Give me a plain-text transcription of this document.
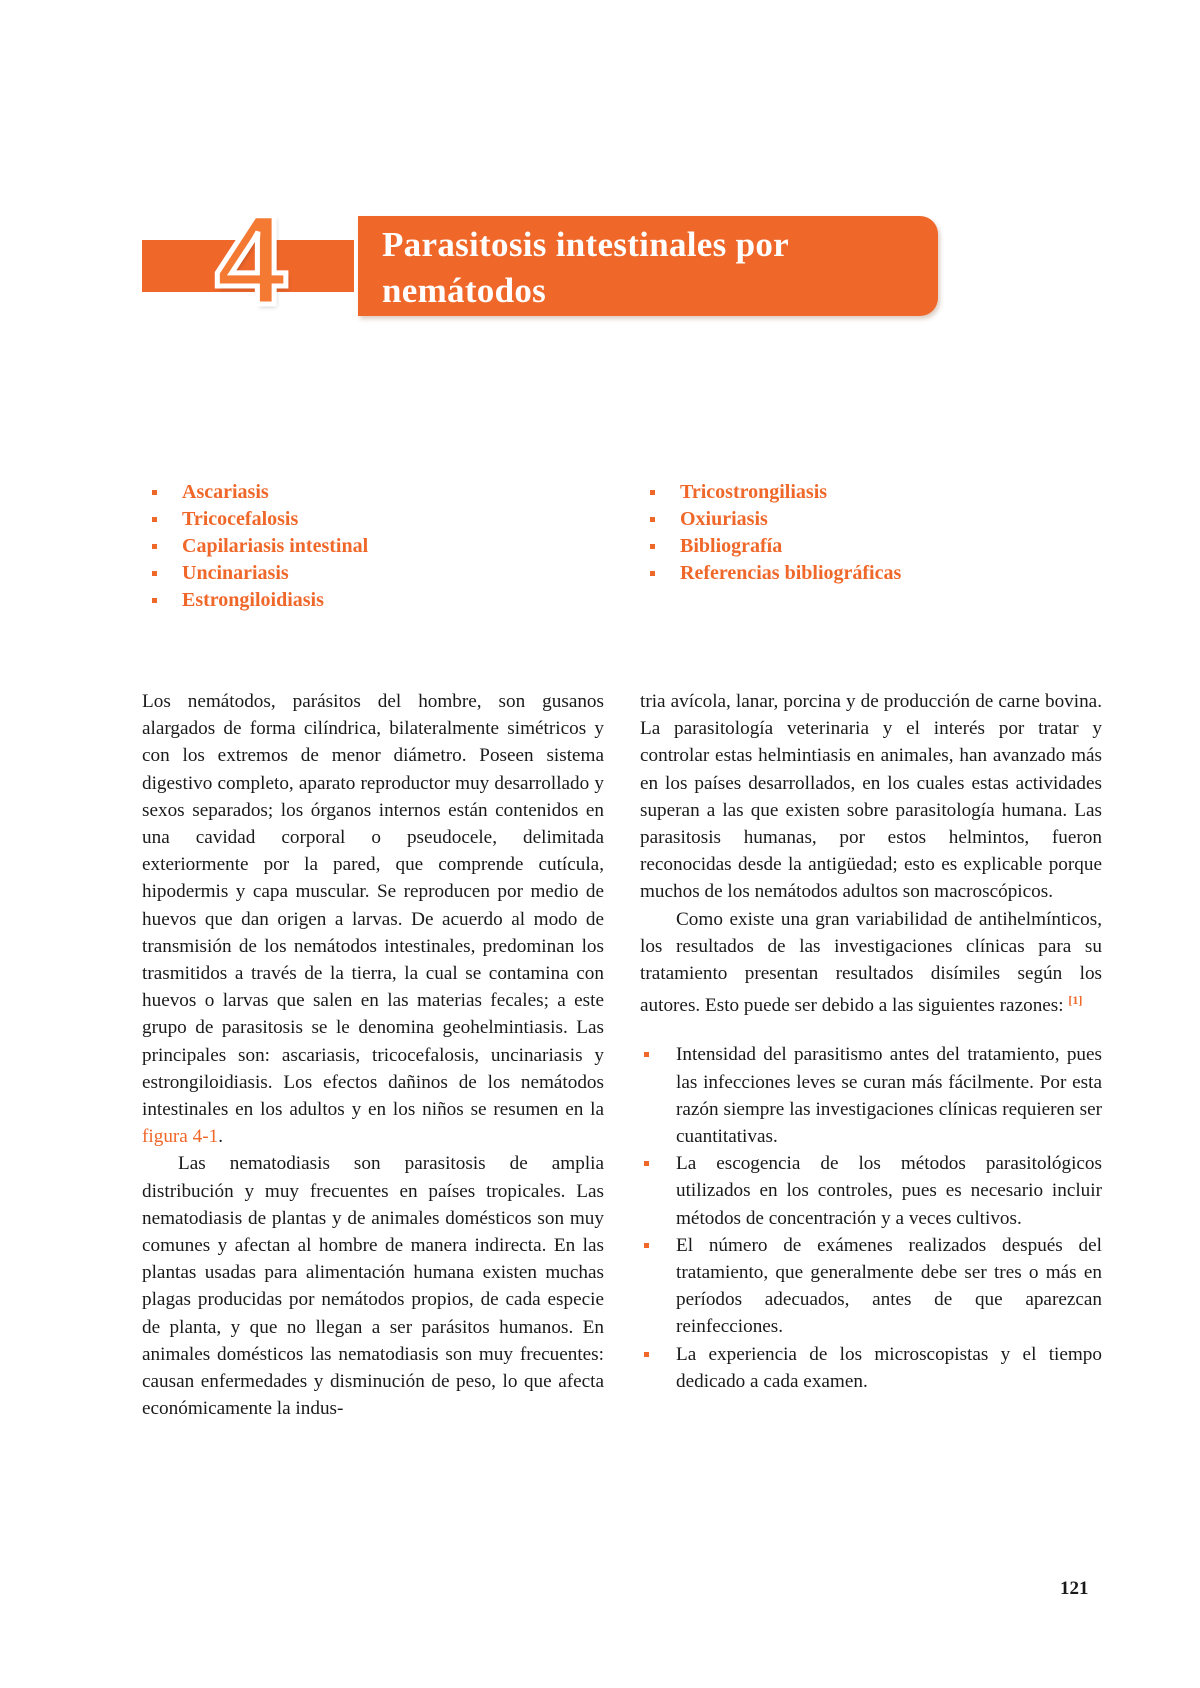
4	Parasitosis intestinales por nemátodos
Ascariasis
Tricocefalosis
Capilariasis intestinal
Uncinariasis
Estrongiloidiasis
Tricostrongiliasis
Oxiuriasis
Bibliografía
Referencias bibliográficas

Los nemátodos, parásitos del hombre, son gusanos alargados de forma cilíndrica, bilateralmente simétricos y con los extremos de menor diámetro. Poseen sistema digestivo completo, aparato reproductor muy desarrollado y sexos separados; los órganos internos están contenidos en una cavidad corporal o pseudocele, delimitada exteriormente por la pared, que comprende cutícula, hipodermis y capa muscular. Se reproducen por medio de huevos que dan origen a larvas. De acuerdo al modo de transmisión de los nemátodos intestinales, predominan los trasmitidos a través de la tierra, la cual se contamina con huevos o larvas que salen en las materias fecales; a este grupo de parasitosis se le denomina geohelmintiasis. Las principales son: ascariasis, tricocefalosis, uncinariasis y estrongiloidiasis. Los efectos dañinos de los nemátodos intestinales en los adultos y en los niños se resumen en la figura 4-1.

Las nematodiasis son parasitosis de amplia distribución y muy frecuentes en países tropicales. Las nematodiasis de plantas y de animales domésticos son muy comunes y afectan al hombre de manera indirecta. En las plantas usadas para alimentación humana existen muchas plagas producidas por nemátodos propios, de cada especie de planta, y que no llegan a ser parásitos humanos. En animales domésticos las nematodiasis son muy frecuentes: causan enfermedades y disminución de peso, lo que afecta económicamente la indus-

tria avícola, lanar, porcina y de producción de carne bovina. La parasitología veterinaria y el interés por tratar y controlar estas helmintiasis en animales, han avanzado más en los países desarrollados, en los cuales estas actividades superan a las que existen sobre parasitología humana. Las parasitosis humanas, por estos helmintos, fueron reconocidas desde la antigüedad; esto es explicable porque muchos de los nemátodos adultos son macroscópicos.

Como existe una gran variabilidad de antihelmínticos, los resultados de las investigaciones clínicas para su tratamiento presentan resultados disímiles según los autores. Esto puede ser debido a las siguientes razones: [1]

Intensidad del parasitismo antes del tratamiento, pues las infecciones leves se curan más fácilmente. Por esta razón siempre las investigaciones clínicas requieren ser cuantitativas.
La escogencia de los métodos parasitológicos utilizados en los controles, pues es necesario incluir métodos de concentración y a veces cultivos.
El número de exámenes realizados después del tratamiento, que generalmente debe ser tres o más en períodos adecuados, antes de que aparezcan reinfecciones.
La experiencia de los microscopistas y el tiempo dedicado a cada examen.
121
